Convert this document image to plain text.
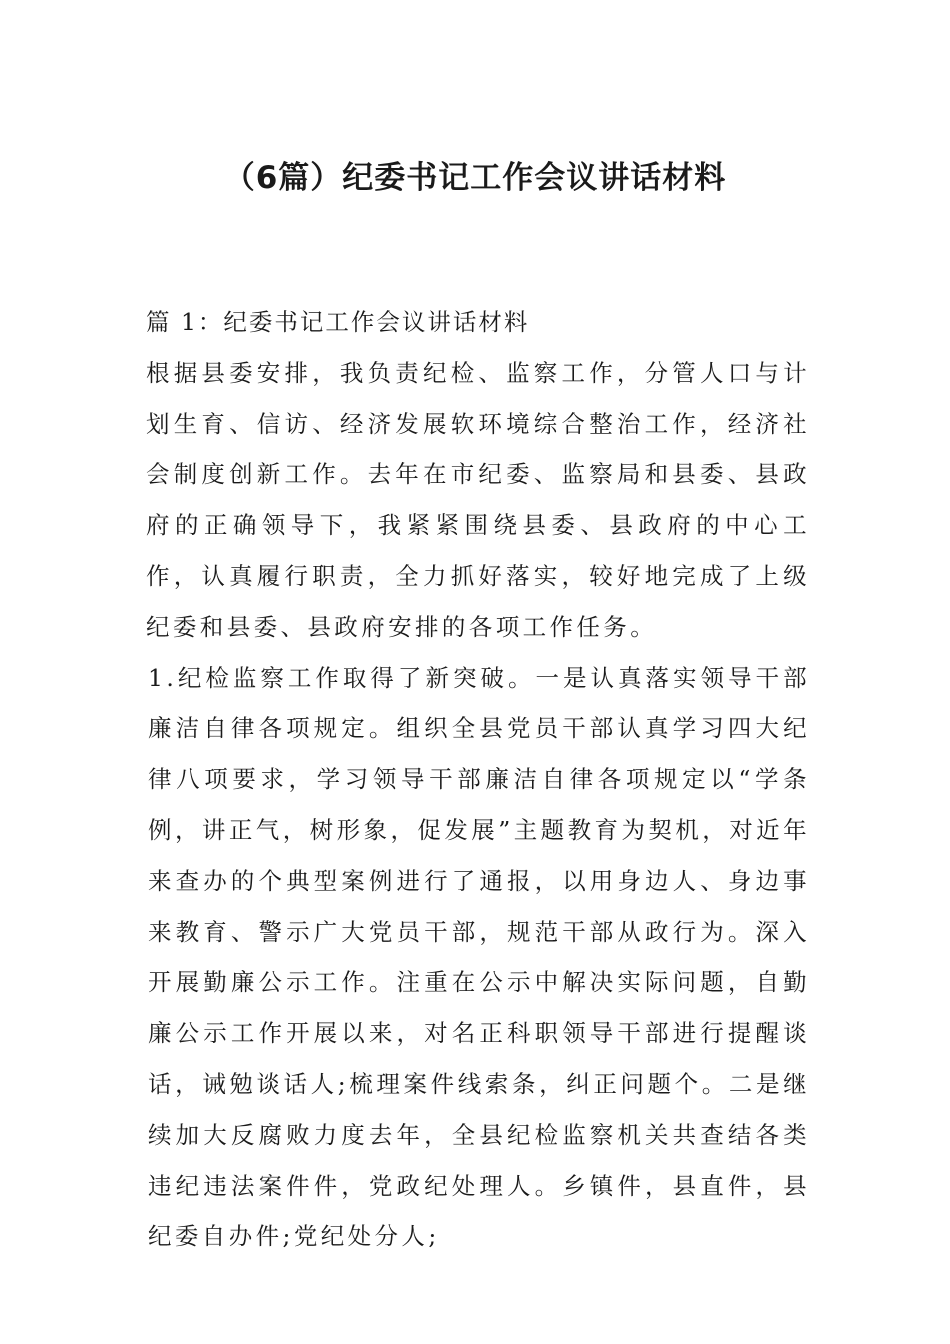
（6篇）纪委书记工作会议讲话材料

篇 1：纪委书记工作会议讲话材料

根据县委安排，我负责纪检、监察工作，分管人口与计划生育、信访、经济发展软环境综合整治工作，经济社会制度创新工作。去年在市纪委、监察局和县委、县政府的正确领导下，我紧紧围绕县委、县政府的中心工作，认真履行职责，全力抓好落实，较好地完成了上级纪委和县委、县政府安排的各项工作任务。

1.纪检监察工作取得了新突破。一是认真落实领导干部廉洁自律各项规定。组织全县党员干部认真学习四大纪律八项要求，学习领导干部廉洁自律各项规定以“学条例，讲正气，树形象，促发展”主题教育为契机，对近年来查办的个典型案例进行了通报，以用身边人、身边事来教育、警示广大党员干部，规范干部从政行为。深入开展勤廉公示工作。注重在公示中解决实际问题，自勤廉公示工作开展以来，对名正科职领导干部进行提醒谈话，诫勉谈话人;梳理案件线索条，纠正问题个。二是继续加大反腐败力度去年，全县纪检监察机关共查结各类违纪违法案件件，党政纪处理人。乡镇件，县直件，县纪委自办件;党纪处分人;
